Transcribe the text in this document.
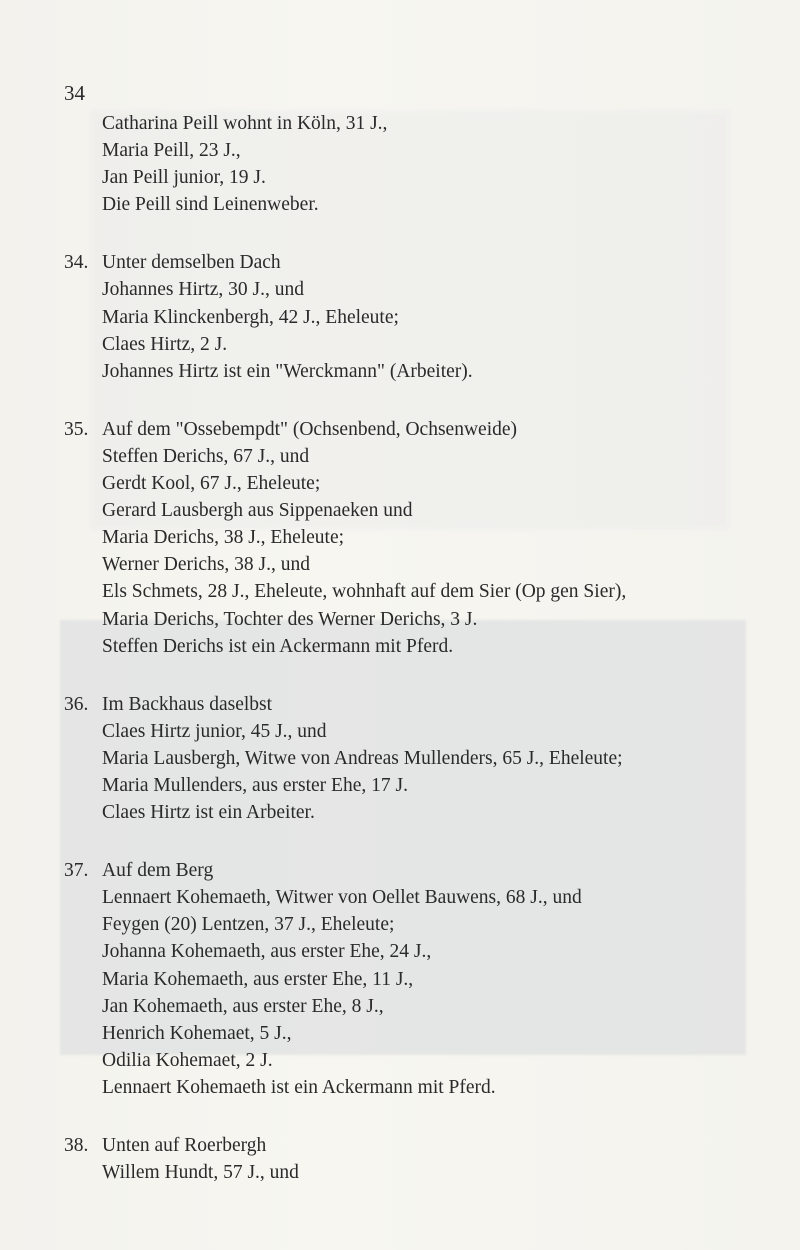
34
Catharina Peill wohnt in Köln, 31 J.,
Maria Peill, 23 J.,
Jan Peill junior, 19 J.
Die Peill sind Leinenweber.
34. Unter demselben Dach
Johannes Hirtz, 30 J., und
Maria Klinckenbergh, 42 J., Eheleute;
Claes Hirtz, 2 J.
Johannes Hirtz ist ein "Werckmann" (Arbeiter).
35. Auf dem "Ossebempdt" (Ochsenbend, Ochsenweide)
Steffen Derichs, 67 J., und
Gerdt Kool, 67 J., Eheleute;
Gerard Lausbergh aus Sippenaeken und
Maria Derichs, 38 J., Eheleute;
Werner Derichs, 38 J., und
Els Schmets, 28 J., Eheleute, wohnhaft auf dem Sier (Op gen Sier),
Maria Derichs, Tochter des Werner Derichs, 3 J.
Steffen Derichs ist ein Ackermann mit Pferd.
36. Im Backhaus daselbst
Claes Hirtz junior, 45 J., und
Maria Lausbergh, Witwe von Andreas Mullenders, 65 J., Eheleute;
Maria Mullenders, aus erster Ehe, 17 J.
Claes Hirtz ist ein Arbeiter.
37. Auf dem Berg
Lennaert Kohemaeth, Witwer von Oellet Bauwens, 68 J., und
Feygen (20) Lentzen, 37 J., Eheleute;
Johanna Kohemaeth, aus erster Ehe, 24 J.,
Maria Kohemaeth, aus erster Ehe, 11 J.,
Jan Kohemaeth, aus erster Ehe, 8 J.,
Henrich Kohemaet, 5 J.,
Odilia Kohemaet, 2 J.
Lennaert Kohemaeth ist ein Ackermann mit Pferd.
38. Unten auf Roerbergh
Willem Hundt, 57 J., und
